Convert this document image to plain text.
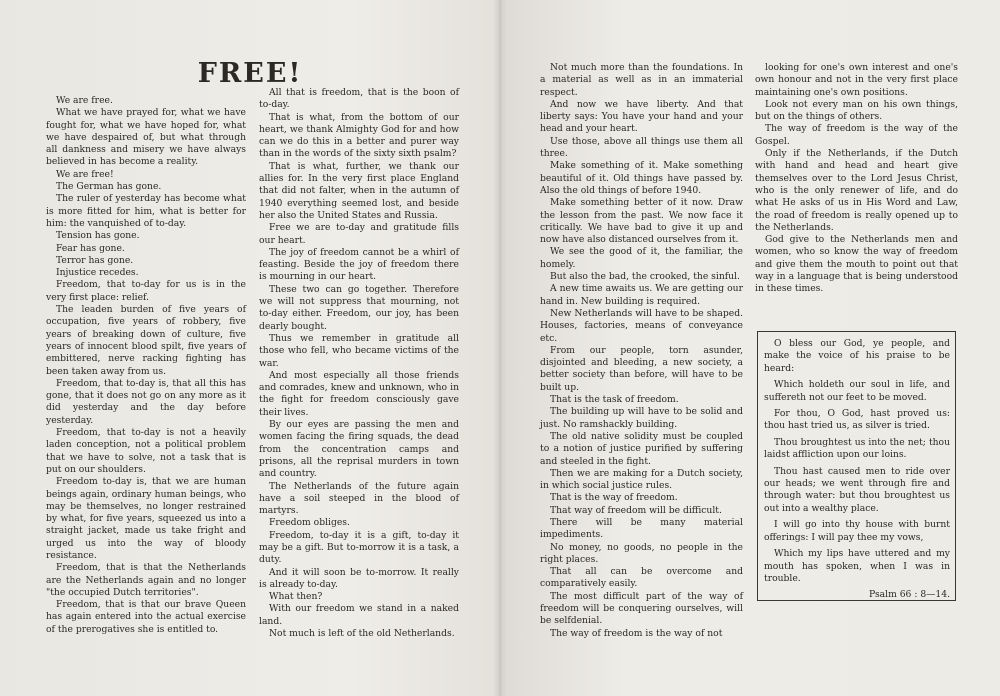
FREE!

We are free.

What we have prayed for, what we have fought for, what we have hoped for, what we have despaired of, but what through all dankness and misery we have always believed in has become a reality.

We are free!

The German has gone.

The ruler of yesterday has become what is more fitted for him, what is better for him: the vanquished of to-day.

Tension has gone.

Fear has gone.

Terror has gone.

Injustice recedes.

Freedom, that to-day for us is in the very first place: relief.

The leaden burden of five years of occupation, five years of robbery, five years of breaking down of culture, five years of innocent blood spilt, five years of embittered, nerve racking fighting has been taken away from us.

Freedom, that to-day is, that all this has gone, that it does not go on any more as it did yesterday and the day before yesterday.

Freedom, that to-day is not a heavily laden conception, not a political problem that we have to solve, not a task that is put on our shoulders.

Freedom to-day is, that we are human beings again, ordinary human beings, who may be themselves, no longer restrained by what, for five years, squeezed us into a straight jacket, made us take fright and urged us into the way of bloody resistance.

Freedom, that is that the Netherlands are the Netherlands again and no longer "the occupied Dutch territories".

Freedom, that is that our brave Queen has again entered into the actual exercise of the prerogatives she is entitled to.

All that is freedom, that is the boon of to-day.

That is what, from the bottom of our heart, we thank Almighty God for and how can we do this in a better and purer way than in the words of the sixty sixth psalm?

That is what, further, we thank our allies for. In the very first place England that did not falter, when in the autumn of 1940 everything seemed lost, and beside her also the United States and Russia.

Free we are to-day and gratitude fills our heart.

The joy of freedom cannot be a whirl of feasting. Beside the joy of freedom there is mourning in our heart.

These two can go together. Therefore we will not suppress that mourning, not to-day either. Freedom, our joy, has been dearly bought.

Thus we remember in gratitude all those who fell, who became victims of the war.

And most especially all those friends and comrades, knew and unknown, who in the fight for freedom consciously gave their lives.

By our eyes are passing the men and women facing the firing squads, the dead from the concentration camps and prisons, all the reprisal murders in town and country.

The Netherlands of the future again have a soil steeped in the blood of martyrs.

Freedom obliges.

Freedom, to-day it is a gift, to-day it may be a gift. But to-morrow it is a task, a duty.

And it will soon be to-morrow. It really is already to-day.

What then?

With our freedom we stand in a naked land.

Not much is left of the old Netherlands.

Not much more than the foundations. In a material as well as in an immaterial respect.

And now we have liberty. And that liberty says: You have your hand and your head and your heart.

Use those, above all things use them all three.

Make something of it. Make something beautiful of it. Old things have passed by. Also the old things of before 1940.

Make something better of it now. Draw the lesson from the past. We now face it critically. We have bad to give it up and now have also distanced ourselves from it.

We see the good of it, the familiar, the homely.

But also the bad, the crooked, the sinful.

A new time awaits us. We are getting our hand in. New building is required.

New Netherlands will have to be shaped. Houses, factories, means of conveyance etc.

From our people, torn asunder, disjointed and bleeding, a new society, a better society than before, will have to be built up.

That is the task of freedom.

The building up will have to be solid and just. No ramshackly building.

The old native solidity must be coupled to a notion of justice purified by suffering and steeled in the fight.

Then we are making for a Dutch society, in which social justice rules.

That is the way of freedom.

That way of freedom will be difficult.

There will be many material impediments.

No money, no goods, no people in the right places.

That all can be overcome and comparatively easily.

The most difficult part of the way of freedom will be conquering ourselves, will be selfdenial.

The way of freedom is the way of not

looking for one's own interest and one's own honour and not in the very first place maintaining one's own positions.

Look not every man on his own things, but on the things of others.

The way of freedom is the way of the Gospel.

Only if the Netherlands, if the Dutch with hand and head and heart give themselves over to the Lord Jesus Christ, who is the only renewer of life, and do what He asks of us in His Word and Law, the road of freedom is really opened up to the Netherlands.

God give to the Netherlands men and women, who so know the way of freedom and give them the mouth to point out that way in a language that is being understood in these times.

O bless our God, ye people, and make the voice of his praise to be heard:

Which holdeth our soul in life, and suffereth not our feet to be moved.

For thou, O God, hast proved us: thou hast tried us, as silver is tried.

Thou broughtest us into the net; thou laidst affliction upon our loins.

Thou hast caused men to ride over our heads; we went through fire and through water: but thou broughtest us out into a wealthy place.

I will go into thy house with burnt offerings: I will pay thee my vows,

Which my lips have uttered and my mouth has spoken, when I was in trouble.

Psalm 66 : 8—14.
